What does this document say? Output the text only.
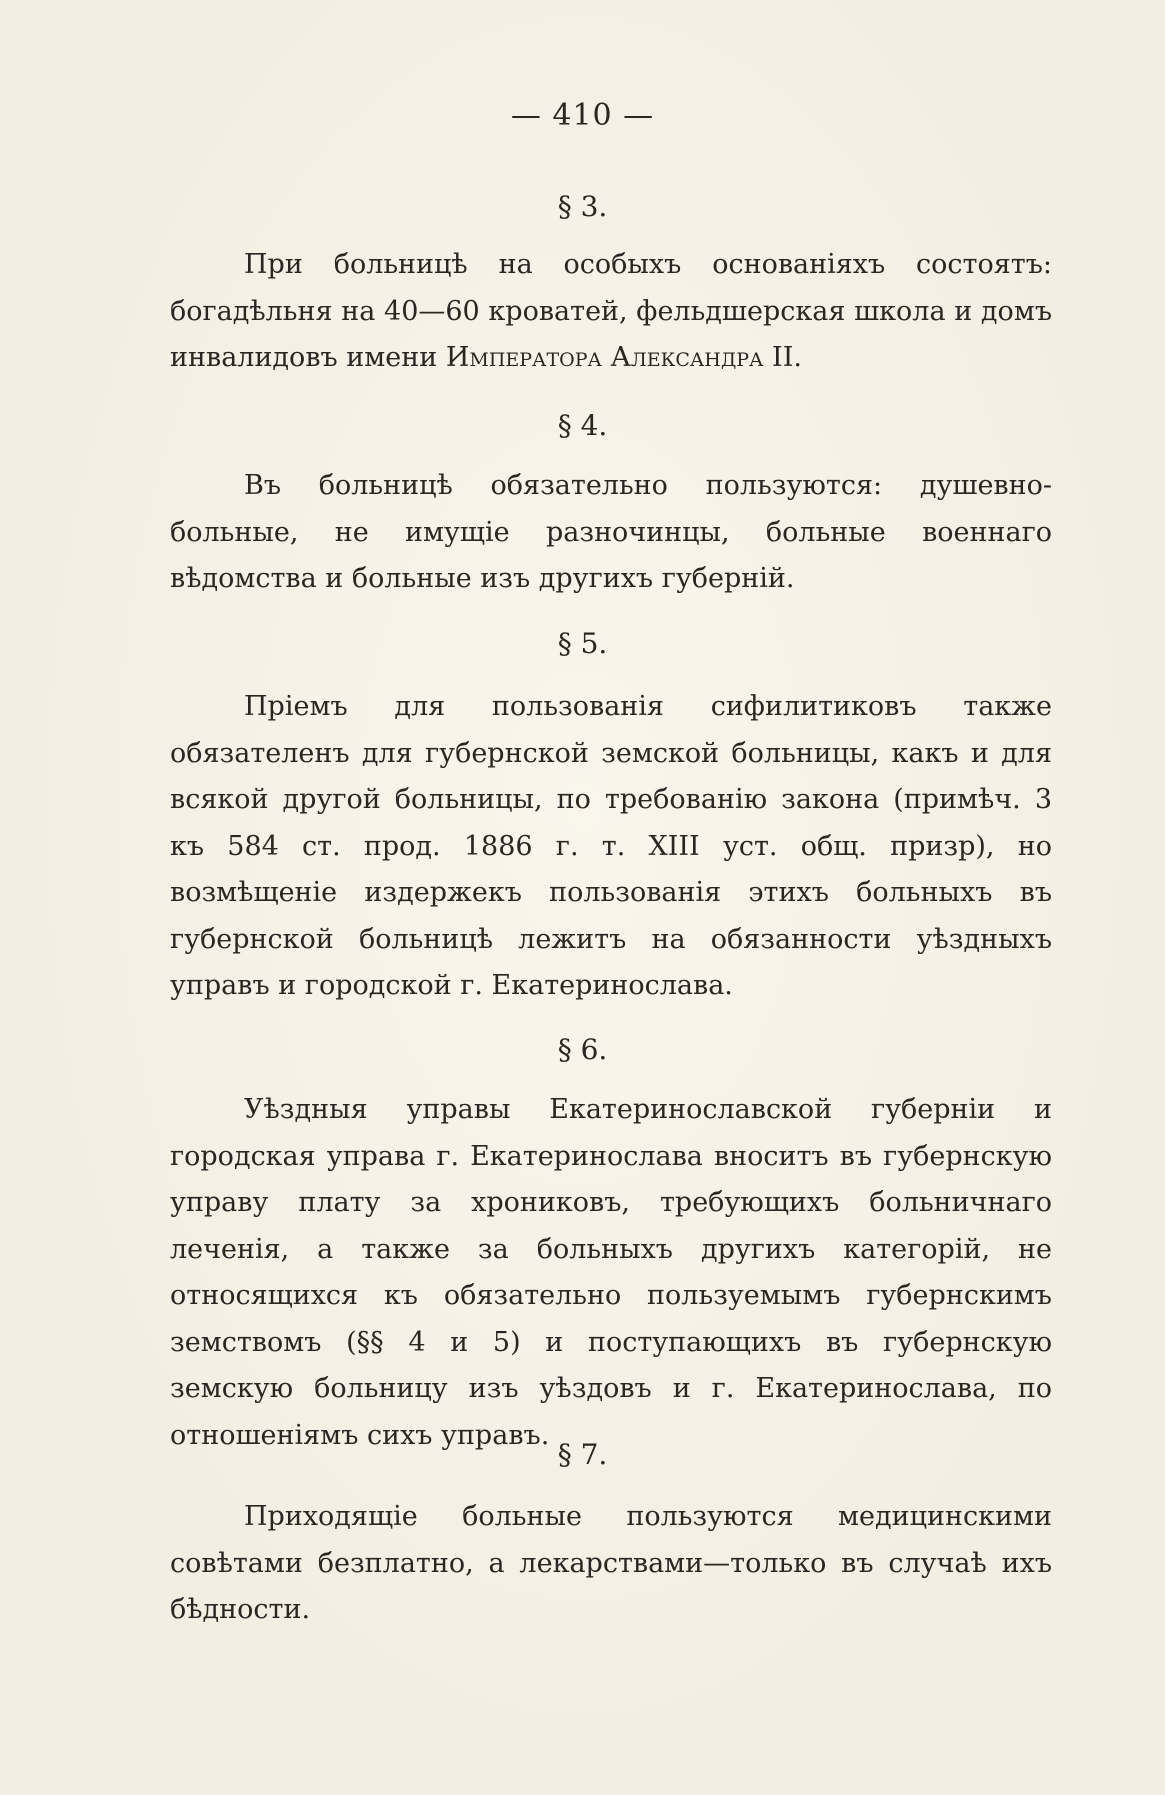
— 410 —
§ 3.
При больницѣ на особыхъ основаніяхъ состоятъ: богадѣльня на 40—60 кроватей, фельдшерская школа и домъ инвалидовъ имени Императора Александра II.
§ 4.
Въ больницѣ обязательно пользуются: душевно-больные, не имущіе разночинцы, больные военнаго вѣдомства и больные изъ другихъ губерній.
§ 5.
Пріемъ для пользованія сифилитиковъ также обязателенъ для губернской земской больницы, какъ и для всякой другой больницы, по требованію закона (примѣч. 3 къ 584 ст. прод. 1886 г. т. XIII уст. общ. призр), но возмѣщеніе издержекъ пользованія этихъ больныхъ въ губернской больницѣ лежитъ на обязанности уѣздныхъ управъ и городской г. Екатеринослава.
§ 6.
Уѣздныя управы Екатеринославской губерніи и городская управа г. Екатеринослава вноситъ въ губернскую управу плату за хрониковъ, требующихъ больничнаго леченія, а также за больныхъ другихъ категорій, не относящихся къ обязательно пользуемымъ губернскимъ земствомъ (§§ 4 и 5) и поступающихъ въ губернскую земскую больницу изъ уѣздовъ и г. Екатеринослава, по отношеніямъ сихъ управъ.
§ 7.
Приходящіе больные пользуются медицинскими совѣтами безплатно, а лекарствами—только въ случаѣ ихъ бѣдности.
